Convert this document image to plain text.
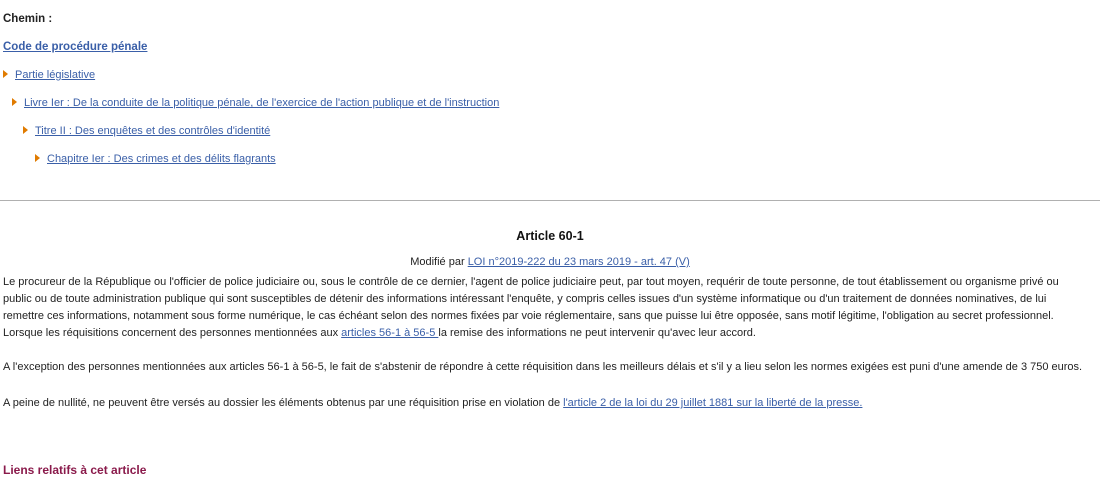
Chemin :
Code de procédure pénale
Partie législative
Livre Ier : De la conduite de la politique pénale, de l'exercice de l'action publique et de l'instruction
Titre II : Des enquêtes et des contrôles d'identité
Chapitre Ier : Des crimes et des délits flagrants
Article 60-1
Modifié par LOI n°2019-222 du 23 mars 2019 - art. 47 (V)

Le procureur de la République ou l'officier de police judiciaire ou, sous le contrôle de ce dernier, l'agent de police judiciaire peut, par tout moyen, requérir de toute personne, de tout établissement ou organisme privé ou public ou de toute administration publique qui sont susceptibles de détenir des informations intéressant l'enquête, y compris celles issues d'un système informatique ou d'un traitement de données nominatives, de lui remettre ces informations, notamment sous forme numérique, le cas échéant selon des normes fixées par voie réglementaire, sans que puisse lui être opposée, sans motif légitime, l'obligation au secret professionnel. Lorsque les réquisitions concernent des personnes mentionnées aux articles 56-1 à 56-5 la remise des informations ne peut intervenir qu'avec leur accord.

A l'exception des personnes mentionnées aux articles 56-1 à 56-5, le fait de s'abstenir de répondre à cette réquisition dans les meilleurs délais et s'il y a lieu selon les normes exigées est puni d'une amende de 3 750 euros.

A peine de nullité, ne peuvent être versés au dossier les éléments obtenus par une réquisition prise en violation de l'article 2 de la loi du 29 juillet 1881 sur la liberté de la presse.

Liens relatifs à cet article
